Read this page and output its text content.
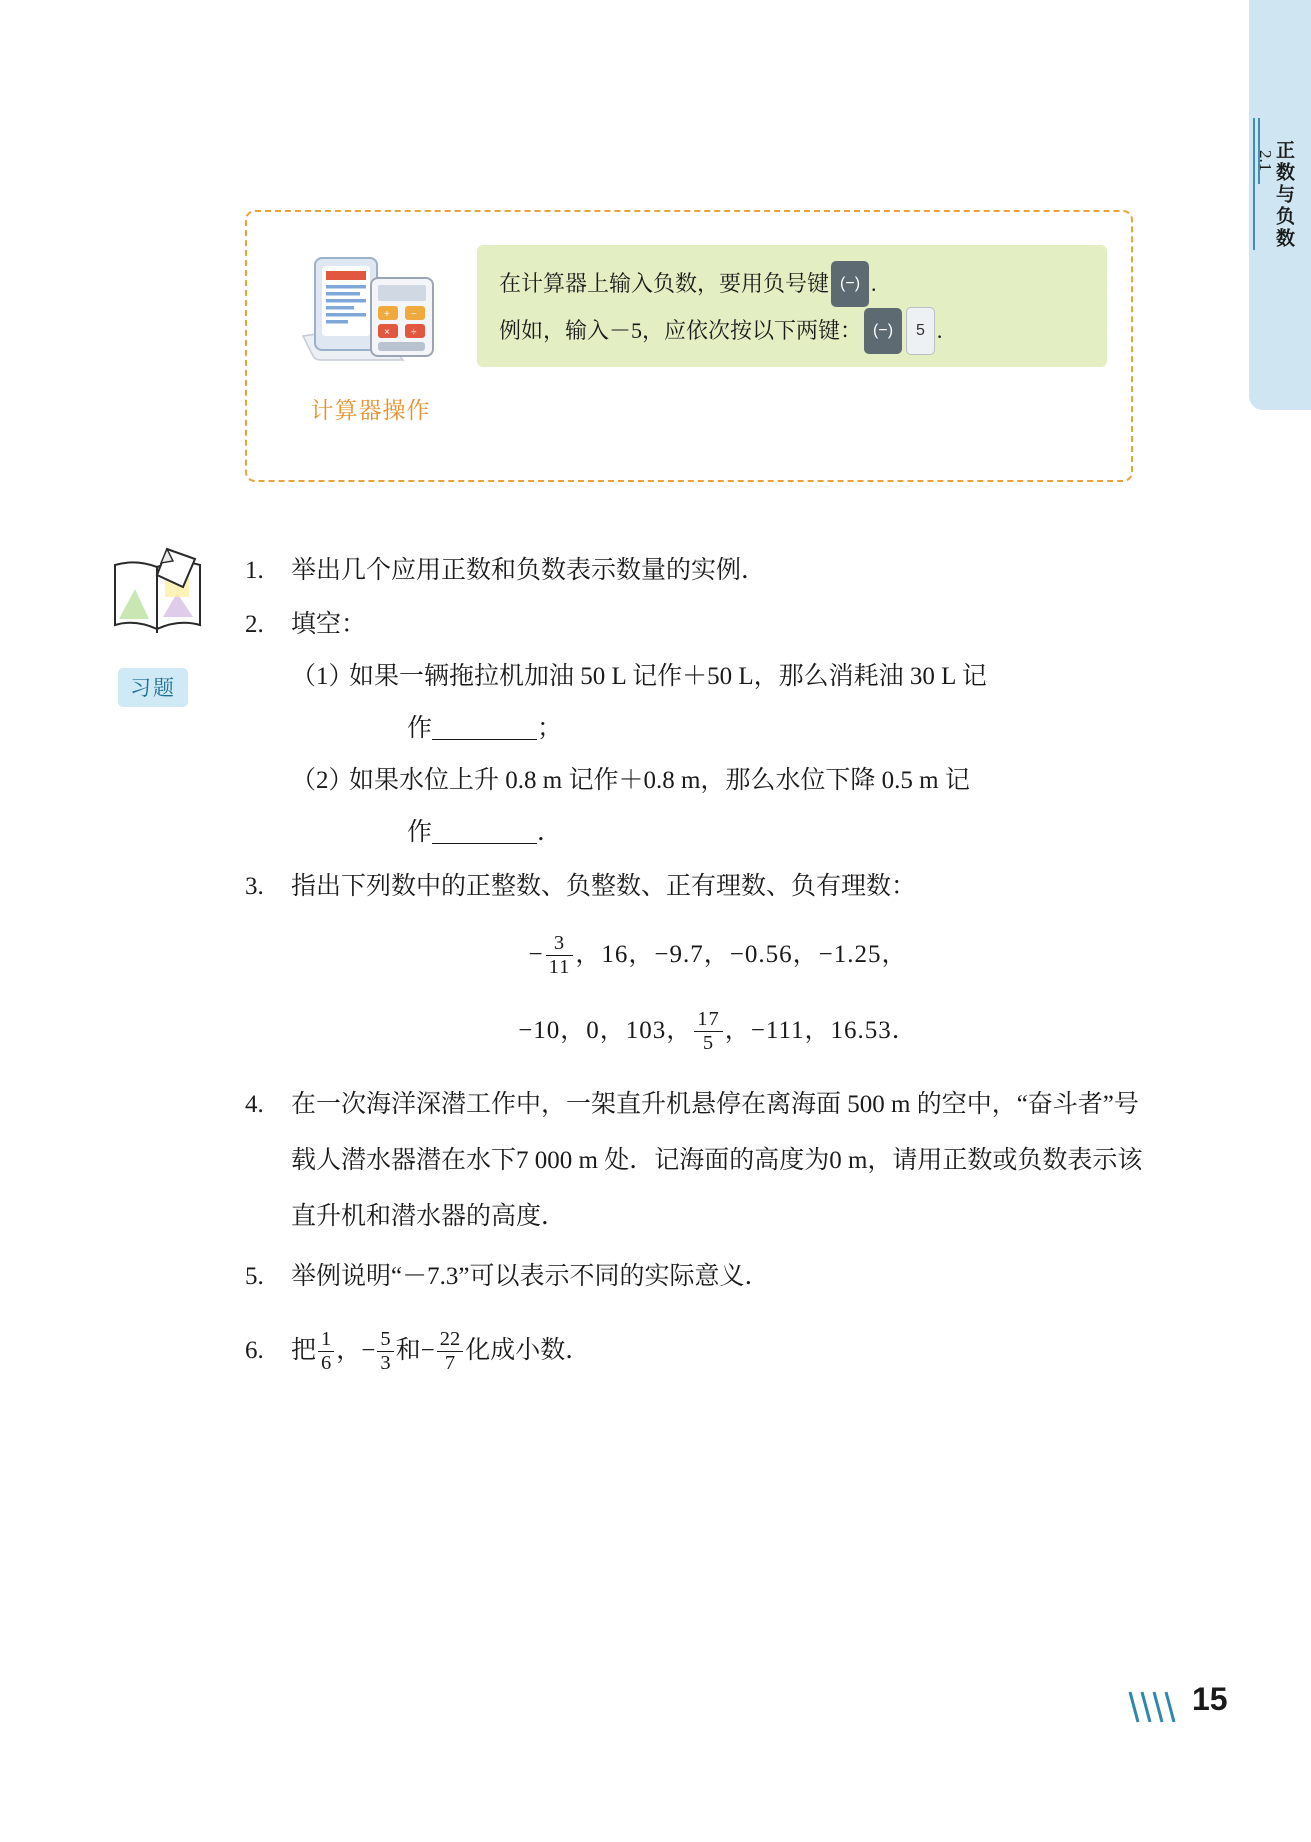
2.1
正数与负数
+ −
× ÷
计算器操作
在计算器上输入负数，要用负号键 (−) .
例如，输入－5，应依次按以下两键： (−) 5 .
习题
1.	举出几个应用正数和负数表示数量的实例．
2.	填空：
（1）
如果一辆拖拉机加油 50 L 记作＋50 L，那么消耗油 30 L 记
作	；
（2）
如果水位上升 0.8 m 记作＋0.8 m，那么水位下降 0.5 m 记
作	．
3.	指出下列数中的正整数、负整数、正有理数、负有理数：
− $\frac{3}{11}$ ，16，−9.7，−0.56，−1.25，
−10，0，103， $\frac{17}{5}$ ，−111，16.53．
4.	在一次海洋深潜工作中，一架直升机悬停在离海面 500 m 的空中，“奋斗者”号载人潜水器潜在水下7 000 m 处．记海面的高度为0 m，请用正数或负数表示该直升机和潜水器的高度．
5.	举例说明“－7.3”可以表示不同的实际意义．
6.	把 $\frac{1}{6}$ ，− $\frac{5}{3}$ 和− $\frac{22}{7}$ 化成小数．
15
